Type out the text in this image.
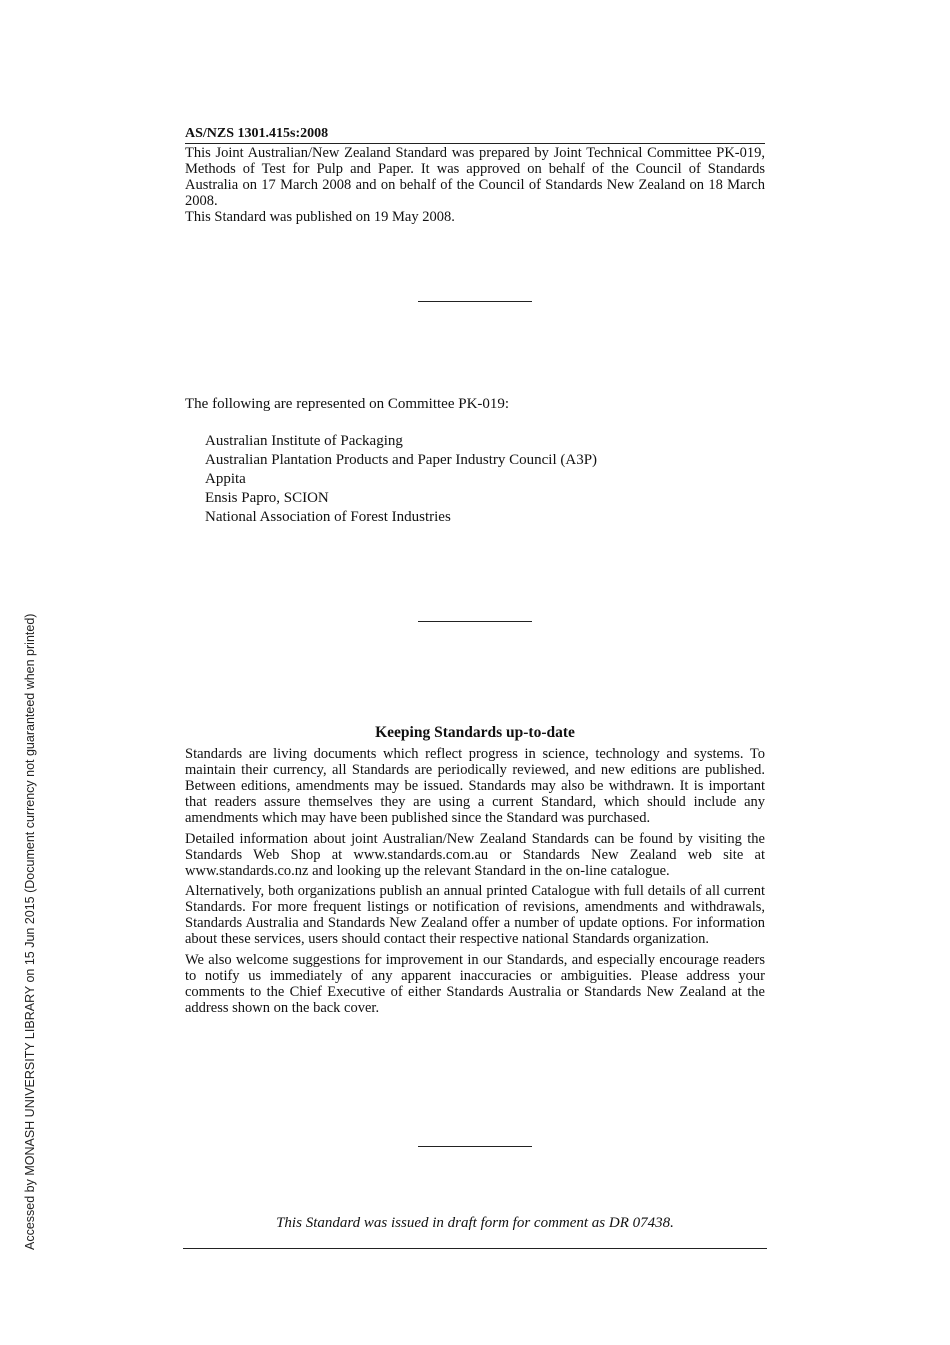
Accessed by MONASH UNIVERSITY LIBRARY on 15 Jun 2015 (Document currency not guaranteed when printed)
AS/NZS 1301.415s:2008

This Joint Australian/New Zealand Standard was prepared by Joint Technical Committee PK-019, Methods of Test for Pulp and Paper. It was approved on behalf of the Council of Standards Australia on 17 March 2008 and on behalf of the Council of Standards New Zealand on 18 March 2008.

This Standard was published on 19 May 2008.

The following are represented on Committee PK-019:
Australian Institute of Packaging
Australian Plantation Products and Paper Industry Council (A3P)
Appita
Ensis Papro, SCION
National Association of Forest Industries
Keeping Standards up-to-date

Standards are living documents which reflect progress in science, technology and systems. To maintain their currency, all Standards are periodically reviewed, and new editions are published. Between editions, amendments may be issued. Standards may also be withdrawn. It is important that readers assure themselves they are using a current Standard, which should include any amendments which may have been published since the Standard was purchased.

Detailed information about joint Australian/New Zealand Standards can be found by visiting the Standards Web Shop at www.standards.com.au or Standards New Zealand web site at www.standards.co.nz and looking up the relevant Standard in the on-line catalogue.

Alternatively, both organizations publish an annual printed Catalogue with full details of all current Standards. For more frequent listings or notification of revisions, amendments and withdrawals, Standards Australia and Standards New Zealand offer a number of update options. For information about these services, users should contact their respective national Standards organization.

We also welcome suggestions for improvement in our Standards, and especially encourage readers to notify us immediately of any apparent inaccuracies or ambiguities. Please address your comments to the Chief Executive of either Standards Australia or Standards New Zealand at the address shown on the back cover.

This Standard was issued in draft form for comment as DR 07438.
